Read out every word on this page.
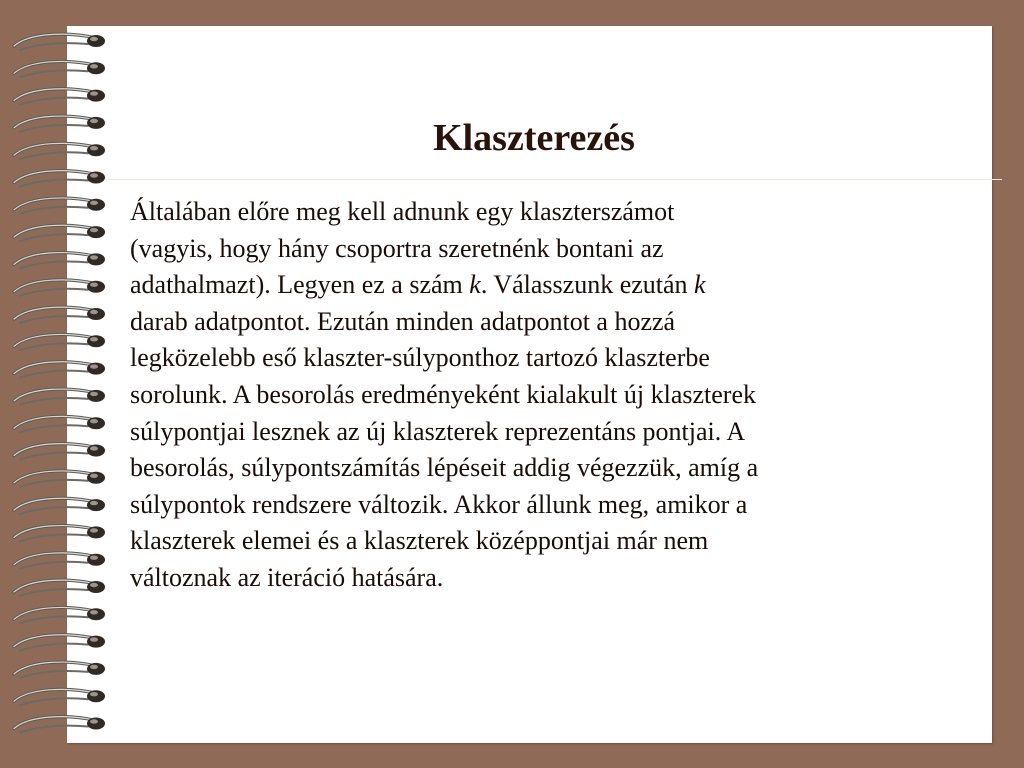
Klaszterezés

Általában előre meg kell adnunk egy klaszterszámot
(vagyis, hogy hány csoportra szeretnénk bontani az
adathalmazt). Legyen ez a szám k. Válasszunk ezután k
darab adatpontot. Ezután minden adatpontot a hozzá
legközelebb eső klaszter-súlyponthoz tartozó klaszterbe
sorolunk. A besorolás eredményeként kialakult új klaszterek
súlypontjai lesznek az új klaszterek reprezentáns pontjai. A
besorolás, súlypontszámítás lépéseit addig végezzük, amíg a
súlypontok rendszere változik. Akkor állunk meg, amikor a
klaszterek elemei és a klaszterek középpontjai már nem
változnak az iteráció hatására.
